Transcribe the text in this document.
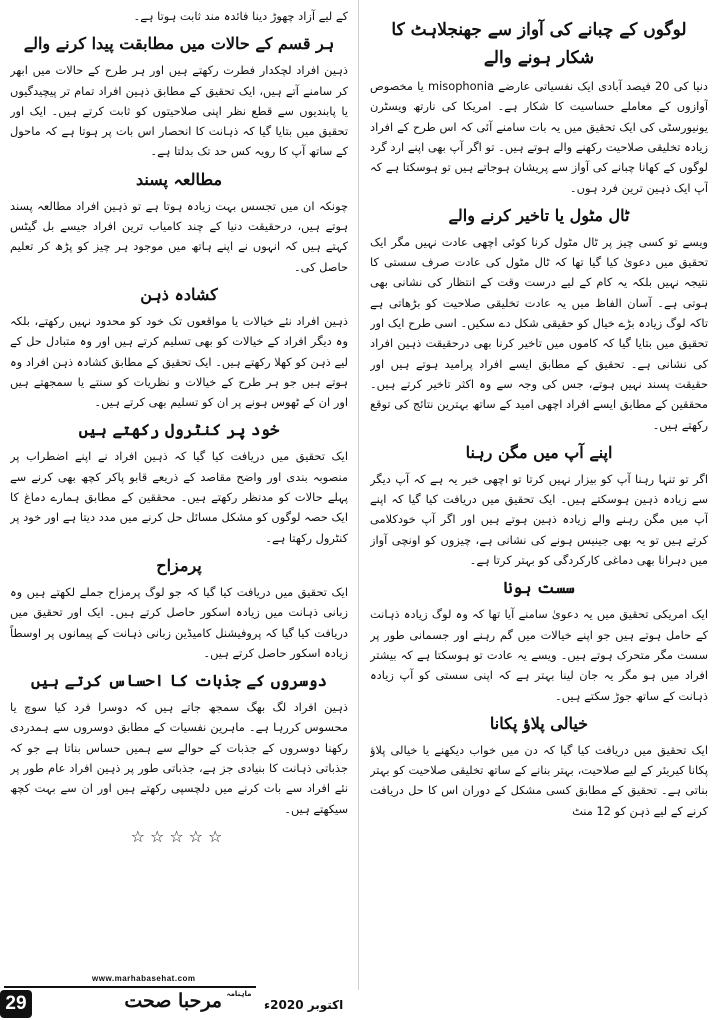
لوگوں کے چبانے کی آواز سے جھنجلاہٹ کا شکار ہونے والے

دنیا کی 20 فیصد آبادی ایک نفسیاتی عارضے misophonia یا مخصوص آوازوں کے معاملے حساسیت کا شکار ہے۔ امریکا کی نارتھ ویسٹرن یونیورسٹی کی ایک تحقیق میں یہ بات سامنے آئی کہ اس طرح کے افراد زیادہ تخلیقی صلاحیت رکھنے والے ہوتے ہیں۔ تو اگر آپ بھی اپنے ارد گرد لوگوں کے کھانا چبانے کی آواز سے پریشان ہوجاتے ہیں تو ہوسکتا ہے کہ آپ ایک ذہین ترین فرد ہوں۔

ٹال مٹول یا تاخیر کرنے والے

ویسے تو کسی چیز پر ٹال مٹول کرنا کوئی اچھی عادت نہیں مگر ایک تحقیق میں دعویٰ کیا گیا تھا کہ ٹال مٹول کی عادت صرف سستی کا نتیجہ نہیں بلکہ یہ کام کے لیے درست وقت کے انتظار کی نشانی بھی ہوتی ہے۔ آسان الفاظ میں یہ عادت تخلیقی صلاحیت کو بڑھاتی ہے تاکہ لوگ زیادہ بڑے خیال کو حقیقی شکل دے سکیں۔ اسی طرح ایک اور تحقیق میں بتایا گیا کہ کاموں میں تاخیر کرنا بھی درحقیقت ذہین افراد کی نشانی ہے۔ تحقیق کے مطابق ایسے افراد پرامید ہوتے ہیں اور حقیقت پسند نہیں ہوتے، جس کی وجہ سے وہ اکثر تاخیر کرتے ہیں۔ محققین کے مطابق ایسے افراد اچھی امید کے ساتھ بہترین نتائج کی توقع رکھتے ہیں۔

اپنے آپ میں مگن رہنا

اگر تو تنہا رہنا آپ کو بیزار نہیں کرتا تو اچھی خبر یہ ہے کہ آپ دیگر سے زیادہ ذہین ہوسکتے ہیں۔ ایک تحقیق میں دریافت کیا گیا کہ اپنے آپ میں مگن رہنے والے زیادہ ذہین ہوتے ہیں اور اگر آپ خودکلامی کرتے ہیں تو یہ بھی جینیس ہونے کی نشانی ہے، چیزوں کو اونچی آواز میں دہرانا بھی دماغی کارکردگی کو بہتر کرتا ہے۔

سست ہونا

ایک امریکی تحقیق میں یہ دعویٰ سامنے آیا تھا کہ وہ لوگ زیادہ ذہانت کے حامل ہوتے ہیں جو اپنے خیالات میں گم رہنے اور جسمانی طور پر سست مگر متحرک ہوتے ہیں۔ ویسے یہ عادت تو ہوسکتا ہے کہ بیشتر افراد میں ہو مگر یہ جان لینا بہتر ہے کہ اپنی سستی کو آپ زیادہ ذہانت کے ساتھ جوڑ سکتے ہیں۔

خیالی پلاؤ پکانا

ایک تحقیق میں دریافت کیا گیا کہ دن میں خواب دیکھنے یا خیالی پلاؤ پکانا کیریئر کے لیے صلاحیت، بہتر بنانے کے ساتھ تخلیقی صلاحیت کو بہتر بناتی ہے۔ تحقیق کے مطابق کسی مشکل کے دوران اس کا حل دریافت کرنے کے لیے ذہن کو 12 منٹ

کے لیے آزاد چھوڑ دینا فائدہ مند ثابت ہوتا ہے۔

ہر قسم کے حالات میں مطابقت پیدا کرنے والے

ذہین افراد لچکدار فطرت رکھتے ہیں اور ہر طرح کے حالات میں ابھر کر سامنے آتے ہیں، ایک تحقیق کے مطابق ذہین افراد تمام تر پیچیدگیوں یا پابندیوں سے قطع نظر اپنی صلاحیتوں کو ثابت کرتے ہیں۔ ایک اور تحقیق میں بتایا گیا کہ ذہانت کا انحصار اس بات پر ہوتا ہے کہ ماحول کے ساتھ آپ کا رویہ کس حد تک بدلتا ہے۔

مطالعہ پسند

چونکہ ان میں تجسس بہت زیادہ ہوتا ہے تو ذہین افراد مطالعہ پسند ہوتے ہیں، درحقیقت دنیا کے چند کامیاب ترین افراد جیسے بل گیٹس کہتے ہیں کہ انہوں نے اپنے ہاتھ میں موجود ہر چیز کو پڑھ کر تعلیم حاصل کی۔

کشادہ ذہن

ذہین افراد نئے خیالات یا مواقعوں تک خود کو محدود نہیں رکھتے، بلکہ وہ دیگر افراد کے خیالات کو بھی تسلیم کرتے ہیں اور وہ متبادل حل کے لیے ذہن کو کھلا رکھتے ہیں۔ ایک تحقیق کے مطابق کشادہ ذہن افراد وہ ہوتے ہیں جو ہر طرح کے خیالات و نظریات کو سنتے یا سمجھتے ہیں اور ان کے ٹھوس ہونے پر ان کو تسلیم بھی کرتے ہیں۔

خود پر کنٹرول رکھتے ہیں

ایک تحقیق میں دریافت کیا گیا کہ ذہین افراد نے اپنے اضطراب پر منصوبہ بندی اور واضح مقاصد کے ذریعے قابو پاکر کچھ بھی کرنے سے پہلے حالات کو مدنظر رکھتے ہیں۔ محققین کے مطابق ہمارے دماغ کا ایک حصہ لوگوں کو مشکل مسائل حل کرنے میں مدد دیتا ہے اور خود پر کنٹرول رکھتا ہے۔

پرمزاح

ایک تحقیق میں دریافت کیا گیا کہ جو لوگ پرمزاح جملے لکھتے ہیں وہ زبانی ذہانت میں زیادہ اسکور حاصل کرتے ہیں۔ ایک اور تحقیق میں دریافت کیا گیا کہ پروفیشنل کامیڈین زبانی ذہانت کے پیمانوں پر اوسطاً زیادہ اسکور حاصل کرتے ہیں۔

دوسروں کے جذبات کا احساس کرتے ہیں

ذہین افراد لگ بھگ سمجھ جاتے ہیں کہ دوسرا فرد کیا سوچ یا محسوس کررہا ہے۔ ماہرین نفسیات کے مطابق دوسروں سے ہمدردی رکھنا دوسروں کے جذبات کے حوالے سے ہمیں حساس بناتا ہے جو کہ جذباتی ذہانت کا بنیادی جز ہے، جذباتی طور پر ذہین افراد عام طور پر نئے افراد سے بات کرنے میں دلچسپی رکھتے ہیں اور ان سے بہت کچھ سیکھتے ہیں۔

☆☆☆☆☆
29
www.marhabasehat.com
مرحبا صحت ماہنامہ
اکتوبر 2020ء
